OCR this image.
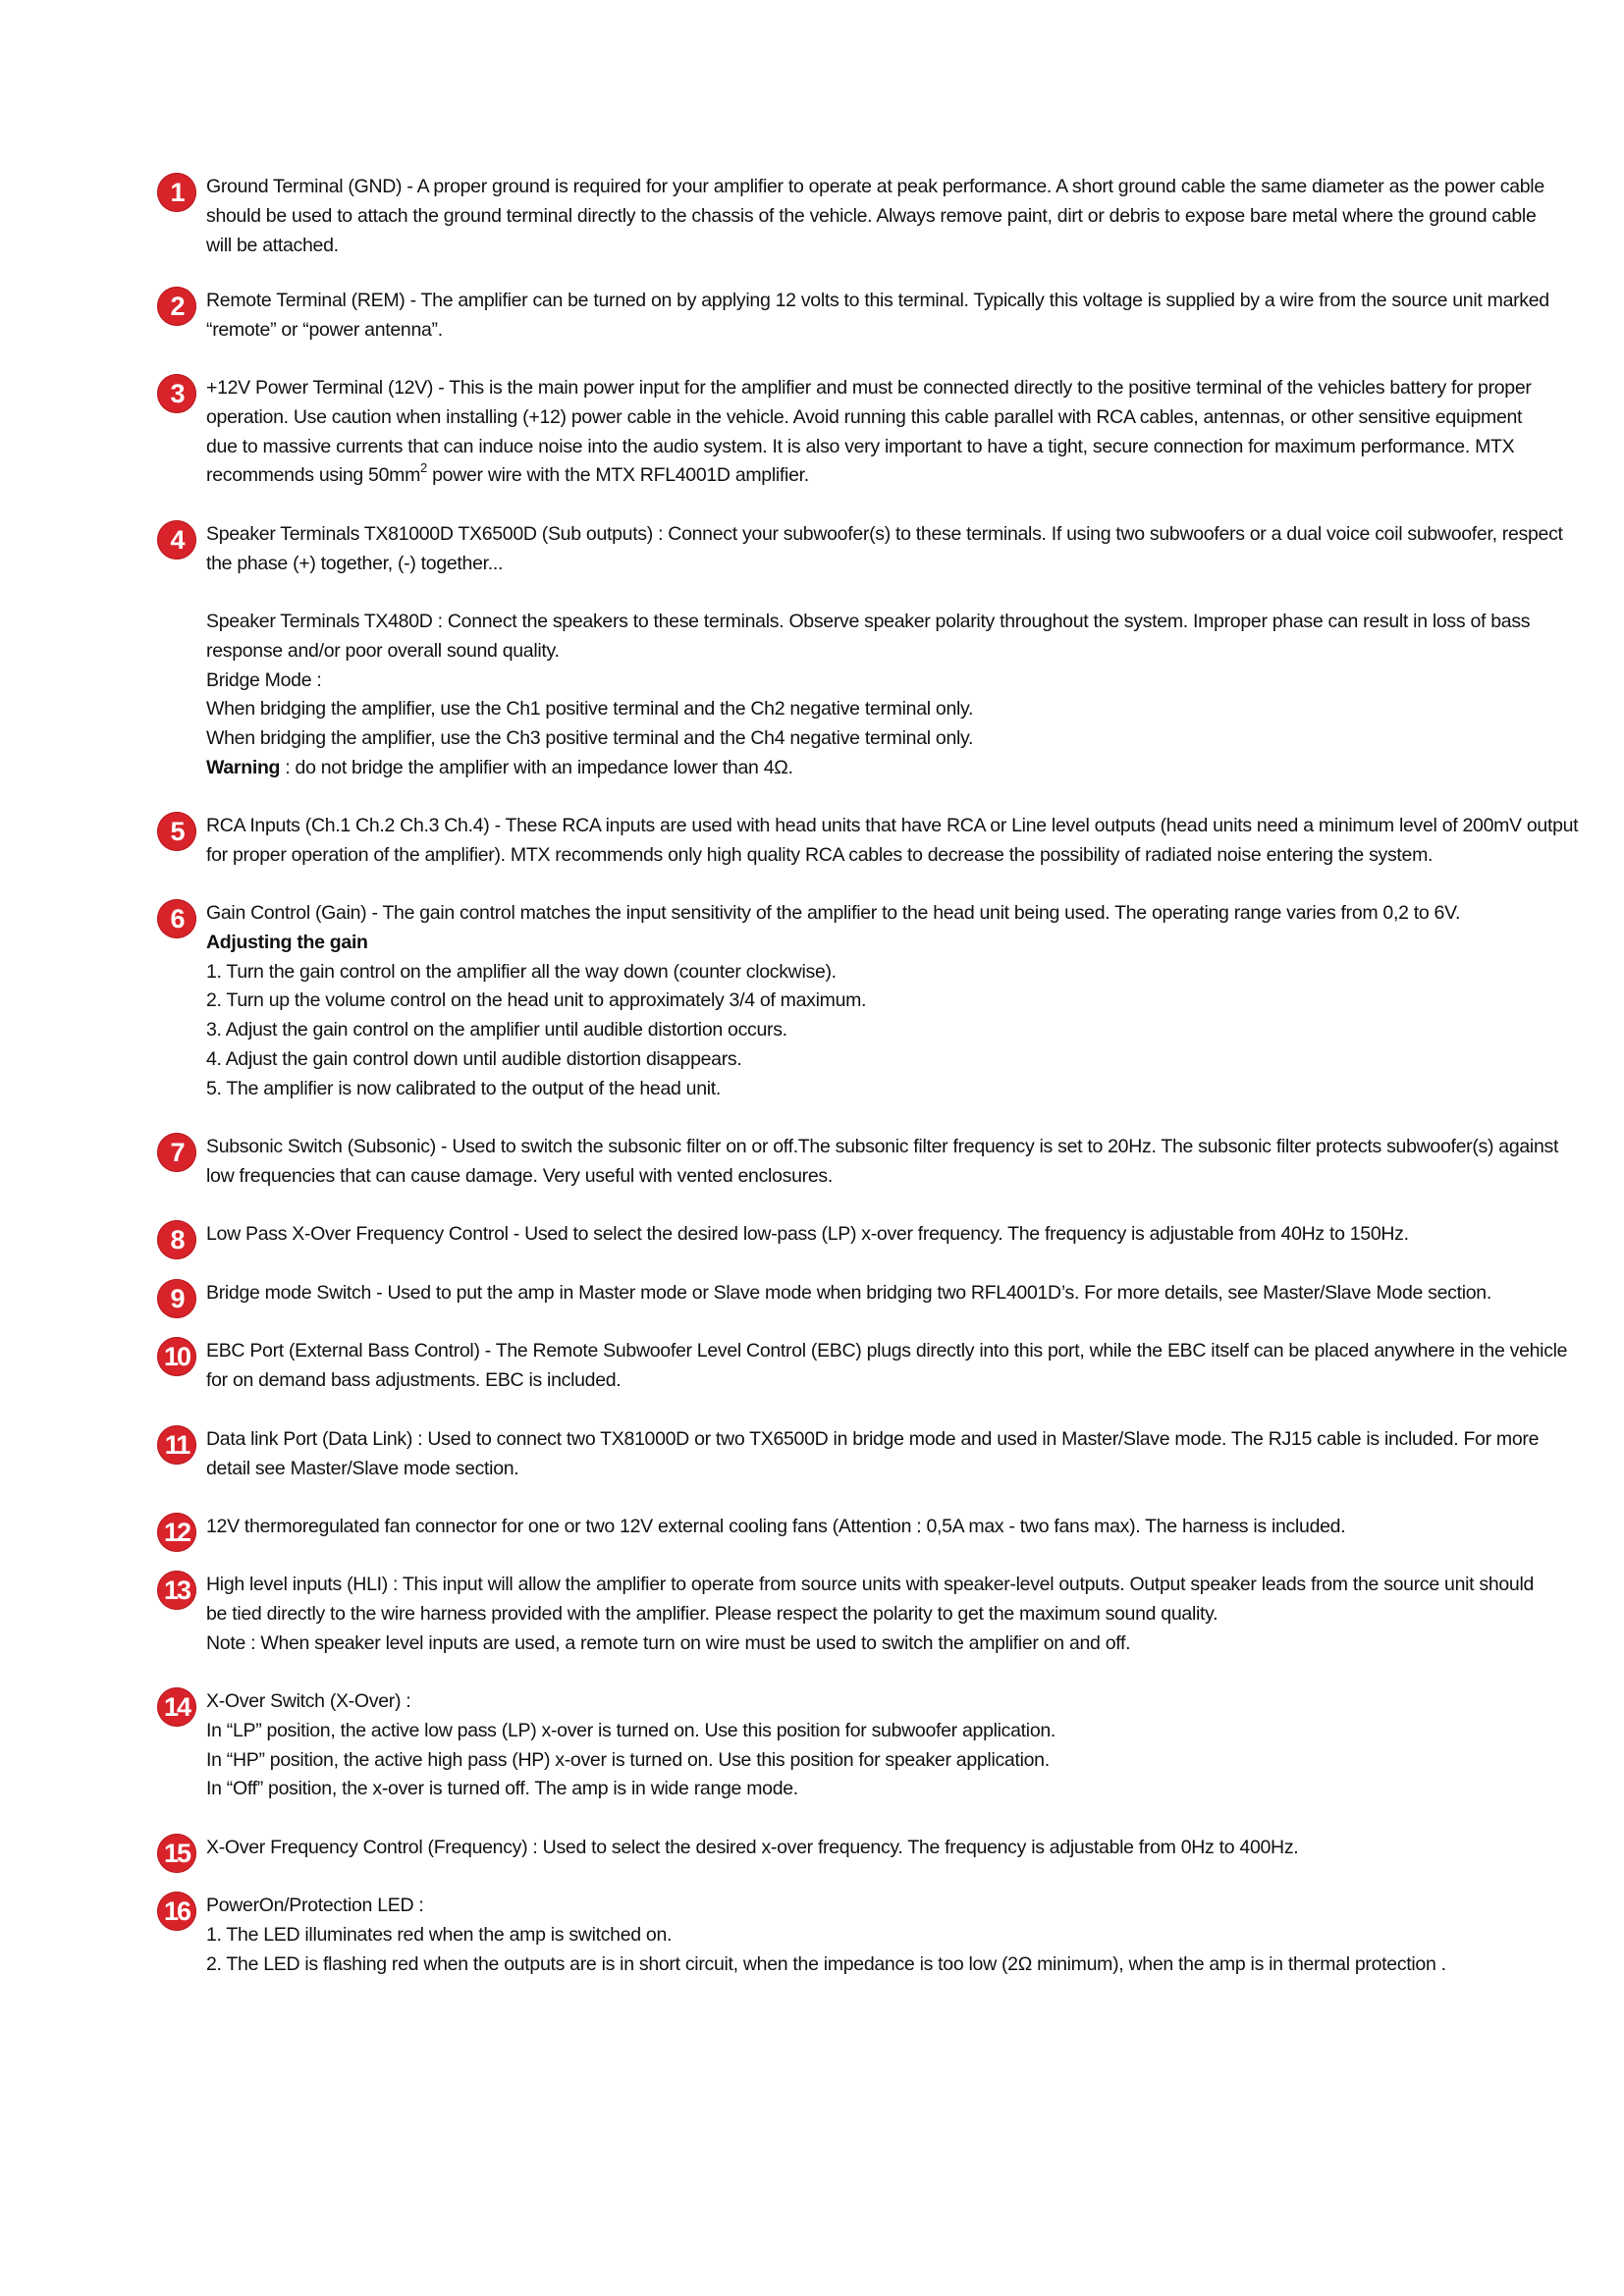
1	Ground Terminal (GND) - A proper ground is required for your amplifier to operate at peak performance. A short ground cable the same diameter as the power cable
should be used to attach the ground terminal directly to the chassis of the vehicle. Always remove paint, dirt or debris to expose bare metal where the ground cable
will be attached.
2	Remote Terminal (REM) - The amplifier can be turned on by applying 12 volts to this terminal. Typically this voltage is supplied by a wire from the source unit marked
“remote” or “power antenna”.
3	+12V Power Terminal (12V) - This is the main power input for the amplifier and must be connected directly to the positive terminal of the vehicles battery for proper
operation. Use caution when installing (+12) power cable in the vehicle. Avoid running this cable parallel with RCA cables, antennas, or other sensitive equipment
due to massive currents that can induce noise into the audio system. It is also very important to have a tight, secure connection for maximum performance. MTX
recommends using $50mm^2$ power wire with the MTX RFL4001D amplifier.
4	Speaker Terminals TX81000D TX6500D (Sub outputs) : Connect your subwoofer(s) to these terminals. If using two subwoofers or a dual voice coil subwoofer, respect
the phase (+) together, (-) together...
Speaker Terminals TX480D : Connect the speakers to these terminals. Observe speaker polarity throughout the system. Improper phase can result in loss of bass
response and/or poor overall sound quality.
Bridge Mode :
When bridging the amplifier, use the Ch1 positive terminal and the Ch2 negative terminal only.
When bridging the amplifier, use the Ch3 positive terminal and the Ch4 negative terminal only.
Warning : do not bridge the amplifier with an impedance lower than 4Ω.
5	RCA Inputs (Ch.1 Ch.2 Ch.3 Ch.4) - These RCA inputs are used with head units that have RCA or Line level outputs (head units need a minimum level of 200mV output
for proper operation of the amplifier). MTX recommends only high quality RCA cables to decrease the possibility of radiated noise entering the system.
6	Gain Control (Gain) - The gain control matches the input sensitivity of the amplifier to the head unit being used. The operating range varies from 0,2 to 6V.
Adjusting the gain
1. Turn the gain control on the amplifier all the way down (counter clockwise).
2. Turn up the volume control on the head unit to approximately 3/4 of maximum.
3. Adjust the gain control on the amplifier until audible distortion occurs.
4. Adjust the gain control down until audible distortion disappears.
5. The amplifier is now calibrated to the output of the head unit.
7	Subsonic Switch (Subsonic) - Used to switch the subsonic filter on or off.The subsonic filter frequency is set to 20Hz. The subsonic filter protects subwoofer(s) against
low frequencies that can cause damage. Very useful with vented enclosures.
8	Low Pass X-Over Frequency Control - Used to select the desired low-pass (LP) x-over frequency. The frequency is adjustable from 40Hz to 150Hz.
9	Bridge mode Switch - Used to put the amp in Master mode or Slave mode when bridging two RFL4001D’s. For more details, see Master/Slave Mode section.
10 EBC Port (External Bass Control) - The Remote Subwoofer Level Control (EBC) plugs directly into this port, while the EBC itself can be placed anywhere in the vehicle
for on demand bass adjustments. EBC is included.
11 Data link Port (Data Link) : Used to connect two TX81000D or two TX6500D in bridge mode and used in Master/Slave mode. The RJ15 cable is included. For more
detail see Master/Slave mode section.
12 12V thermoregulated fan connector for one or two 12V external cooling fans (Attention : 0,5A max - two fans max). The harness is included.
13 High level inputs (HLI) : This input will allow the amplifier to operate from source units with speaker-level outputs. Output speaker leads from the source unit should
be tied directly to the wire harness provided with the amplifier. Please respect the polarity to get the maximum sound quality.
Note : When speaker level inputs are used, a remote turn on wire must be used to switch the amplifier on and off.
14 X-Over Switch (X-Over) :
In “LP” position, the active low pass (LP) x-over is turned on. Use this position for subwoofer application.
In “HP” position, the active high pass (HP) x-over is turned on. Use this position for speaker application.
In “Off” position, the x-over is turned off. The amp is in wide range mode.
15 X-Over Frequency Control (Frequency) : Used to select the desired x-over frequency. The frequency is adjustable from 0Hz to 400Hz.
16 PowerOn/Protection LED :
1. The LED illuminates red when the amp is switched on.
2. The LED is flashing red when the outputs are is in short circuit, when the impedance is too low (2Ω minimum), when the amp is in thermal protection .
